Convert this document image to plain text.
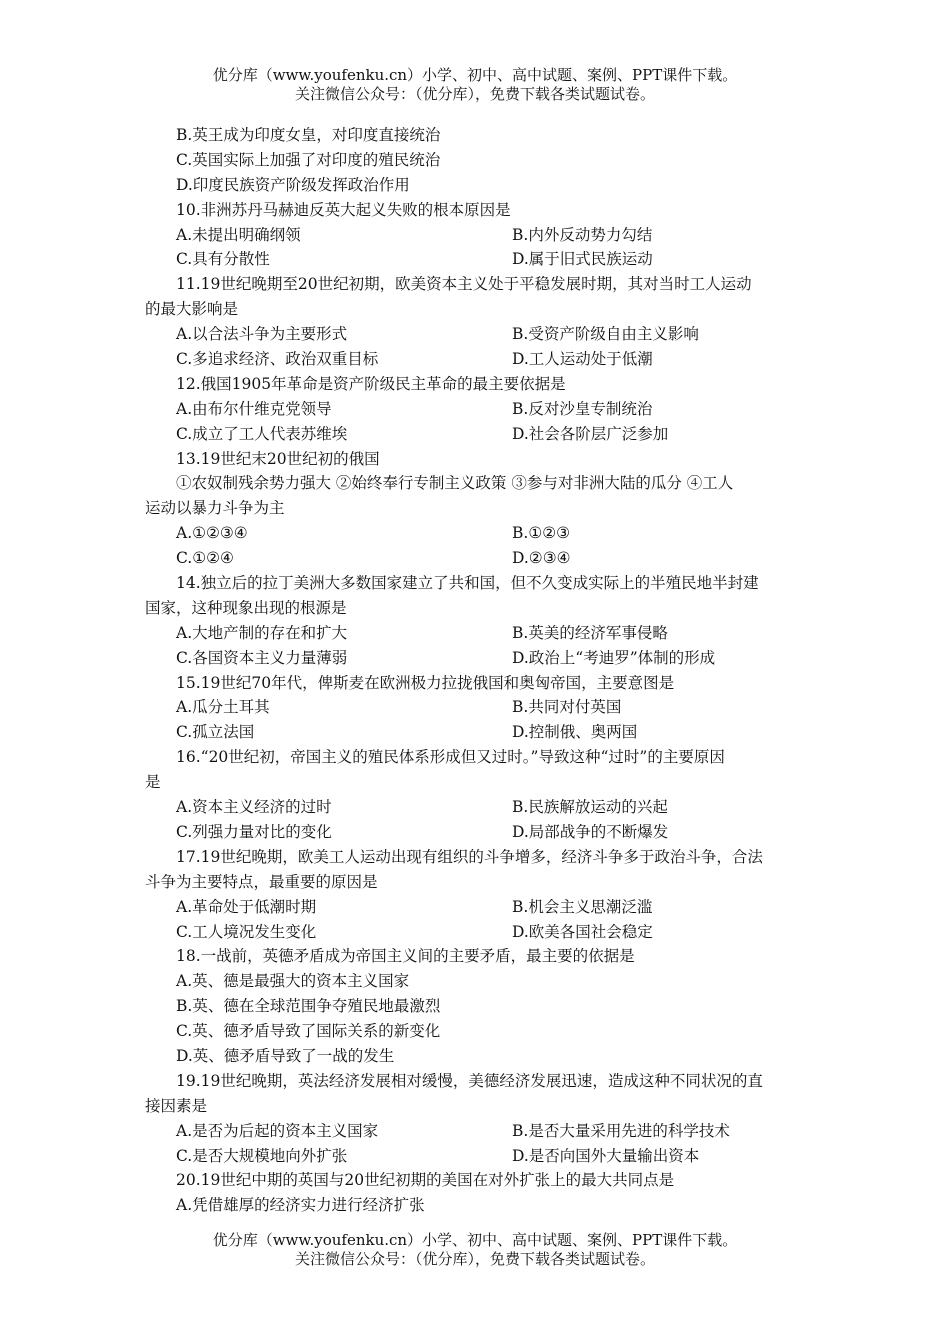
优分库（www.youfenku.cn）小学、初中、高中试题、案例、PPT课件下载。
关注微信公众号：（优分库），免费下载各类试题试卷。
B.英王成为印度女皇，对印度直接统治
C.英国实际上加强了对印度的殖民统治
D.印度民族资产阶级发挥政治作用
10.非洲苏丹马赫迪反英大起义失败的根本原因是
A.未提出明确纲领	B.内外反动势力勾结
C.具有分散性	D.属于旧式民族运动
11.19世纪晚期至20世纪初期，欧美资本主义处于平稳发展时期，其对当时工人运动
的最大影响是
A.以合法斗争为主要形式	B.受资产阶级自由主义影响
C.多追求经济、政治双重目标	D.工人运动处于低潮
12.俄国1905年革命是资产阶级民主革命的最主要依据是
A.由布尔什维克党领导	B.反对沙皇专制统治
C.成立了工人代表苏维埃	D.社会各阶层广泛参加
13.19世纪末20世纪初的俄国
①农奴制残余势力强大 ②始终奉行专制主义政策 ③参与对非洲大陆的瓜分 ④工人
运动以暴力斗争为主
A.①②③④	B.①②③
C.①②④	D.②③④
14.独立后的拉丁美洲大多数国家建立了共和国，但不久变成实际上的半殖民地半封建
国家，这种现象出现的根源是
A.大地产制的存在和扩大	B.英美的经济军事侵略
C.各国资本主义力量薄弱	D.政治上“考迪罗”体制的形成
15.19世纪70年代，俾斯麦在欧洲极力拉拢俄国和奥匈帝国，主要意图是
A.瓜分土耳其	B.共同对付英国
C.孤立法国	D.控制俄、奥两国
16.“20世纪初，帝国主义的殖民体系形成但又过时。”导致这种“过时”的主要原因
是
A.资本主义经济的过时	B.民族解放运动的兴起
C.列强力量对比的变化	D.局部战争的不断爆发
17.19世纪晚期，欧美工人运动出现有组织的斗争增多，经济斗争多于政治斗争，合法
斗争为主要特点，最重要的原因是
A.革命处于低潮时期	B.机会主义思潮泛滥
C.工人境况发生变化	D.欧美各国社会稳定
18.一战前，英德矛盾成为帝国主义间的主要矛盾，最主要的依据是
A.英、德是最强大的资本主义国家
B.英、德在全球范围争夺殖民地最激烈
C.英、德矛盾导致了国际关系的新变化
D.英、德矛盾导致了一战的发生
19.19世纪晚期，英法经济发展相对缓慢，美德经济发展迅速，造成这种不同状况的直
接因素是
A.是否为后起的资本主义国家	B.是否大量采用先进的科学技术
C.是否大规模地向外扩张	D.是否向国外大量输出资本
20.19世纪中期的英国与20世纪初期的美国在对外扩张上的最大共同点是
A.凭借雄厚的经济实力进行经济扩张
优分库（www.youfenku.cn）小学、初中、高中试题、案例、PPT课件下载。
关注微信公众号：（优分库），免费下载各类试题试卷。
